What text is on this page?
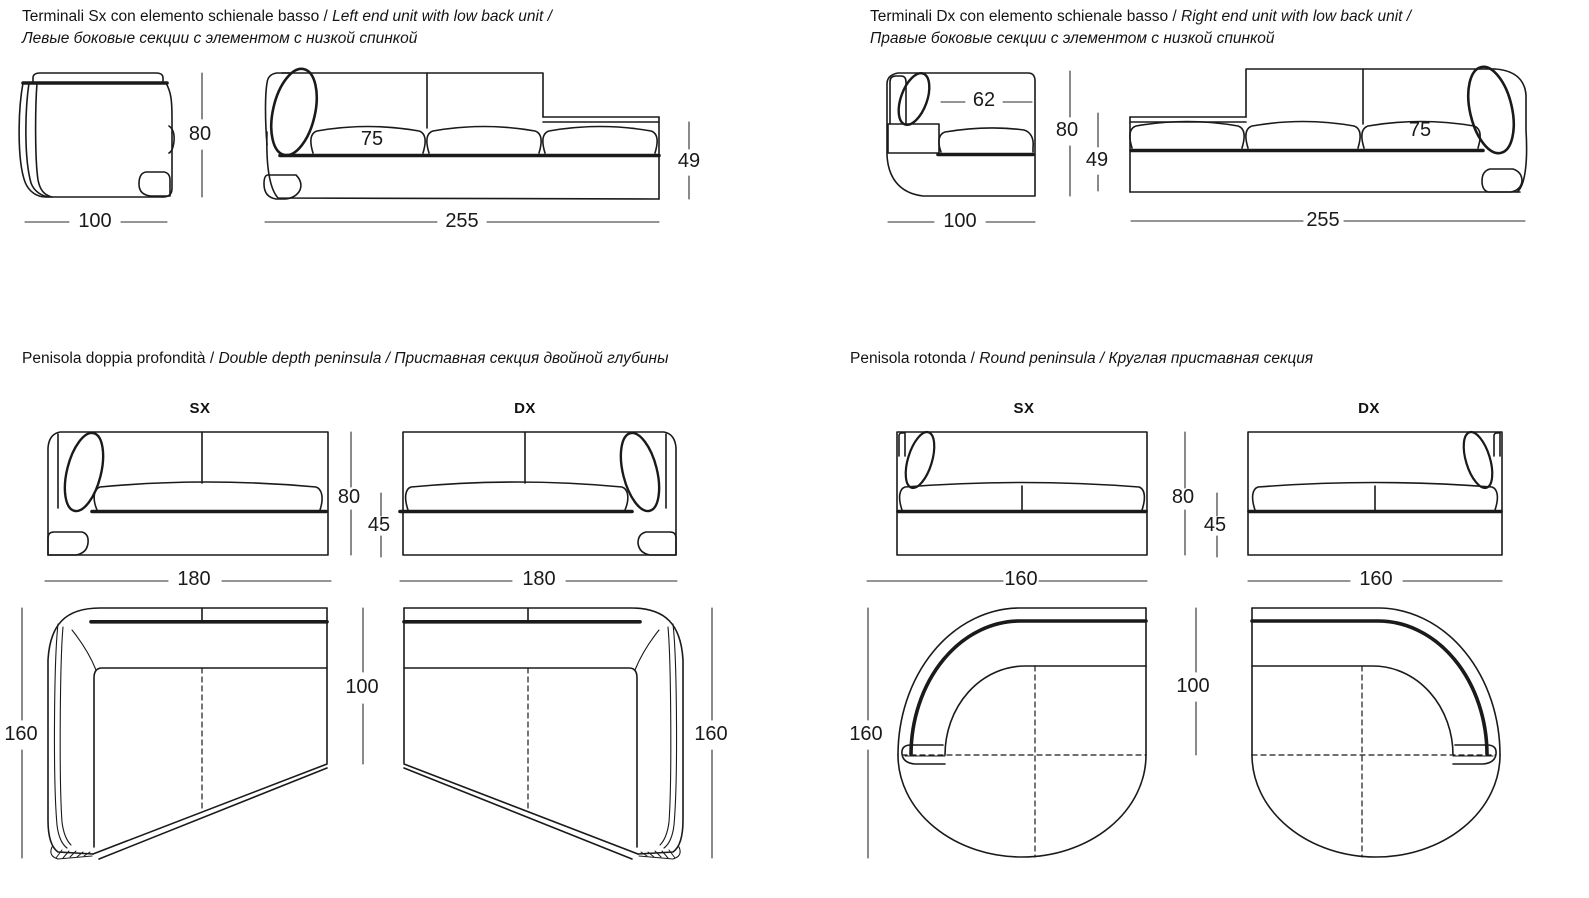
Terminali Sx con elemento schienale basso / Left end unit with low back unit /
Левые боковые секции с элементом с низкой спинкой
80
100
75
49
255
Terminali Dx con elemento schienale basso / Right end unit with low back unit /
Правые боковые секции с элементом с низкой спинкой
62
80
49
100
75
255
Penisola doppia profondità / Double depth peninsula / Приставная секция двойной глубины
SX	DX
80
45
180	180
160
100
160
Penisola rotonda / Round peninsula / Круглая приставная секция
SX	DX
80
45
160	160
160
100
